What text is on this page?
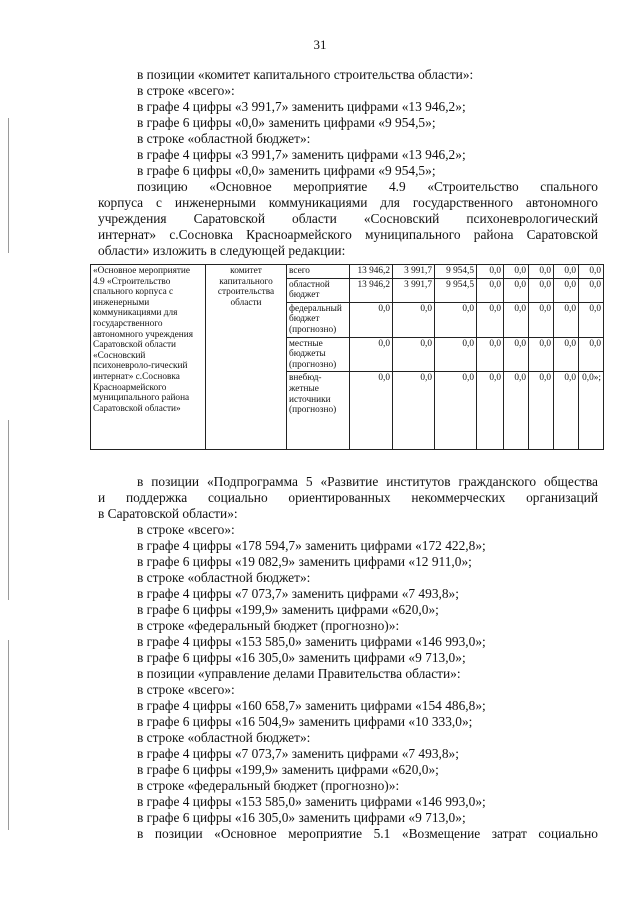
31
в позиции «комитет капитального строительства области»:
в строке «всего»:
в графе 4 цифры «3 991,7» заменить цифрами «13 946,2»;
в графе 6 цифры «0,0» заменить цифрами «9 954,5»;
в строке «областной бюджет»:
в графе 4 цифры «3 991,7» заменить цифрами «13 946,2»;
в графе 6 цифры «0,0» заменить цифрами «9 954,5»;
позицию «Основное мероприятие 4.9 «Строительство спального
корпуса с инженерными коммуникациями для государственного автономного
учреждения Саратовской области «Сосновский психоневрологический
интернат» с.Сосновка Красноармейского муниципального района Саратовской
области» изложить в следующей редакции:
«Основное мероприятие 4.9 «Строительство спального корпуса с инженерными коммуникациями для государственного автономного учреждения Саратовской области «Сосновский психоневроло-гический интернат» с.Сосновка Красноармейского муниципального района Саратовской области»	комитет капитального строительства области	всего	13 946,2	3 991,7	9 954,5	0,0	0,0	0,0	0,0	0,0
		областной бюджет	13 946,2	3 991,7	9 954,5	0,0	0,0	0,0	0,0	0,0
		федеральный бюджет (прогнозно)	0,0	0,0	0,0	0,0	0,0	0,0	0,0	0,0
		местные бюджеты (прогнозно)	0,0	0,0	0,0	0,0	0,0	0,0	0,0	0,0
		внебюд-жетные источники (прогнозно)	0,0	0,0	0,0	0,0	0,0	0,0	0,0	0,0»;
в позиции «Подпрограмма 5 «Развитие институтов гражданского общества
и поддержка социально ориентированных некоммерческих организаций
в Саратовской области»:
в строке «всего»:
в графе 4 цифры «178 594,7» заменить цифрами «172 422,8»;
в графе 6 цифры «19 082,9» заменить цифрами «12 911,0»;
в строке «областной бюджет»:
в графе 4 цифры «7 073,7» заменить цифрами «7 493,8»;
в графе 6 цифры «199,9» заменить цифрами «620,0»;
в строке «федеральный бюджет (прогнозно)»:
в графе 4 цифры «153 585,0» заменить цифрами «146 993,0»;
в графе 6 цифры «16 305,0» заменить цифрами «9 713,0»;
в позиции «управление делами Правительства области»:
в строке «всего»:
в графе 4 цифры «160 658,7» заменить цифрами «154 486,8»;
в графе 6 цифры «16 504,9» заменить цифрами «10 333,0»;
в строке «областной бюджет»:
в графе 4 цифры «7 073,7» заменить цифрами «7 493,8»;
в графе 6 цифры «199,9» заменить цифрами «620,0»;
в строке «федеральный бюджет (прогнозно)»:
в графе 4 цифры «153 585,0» заменить цифрами «146 993,0»;
в графе 6 цифры «16 305,0» заменить цифрами «9 713,0»;
в позиции «Основное мероприятие 5.1 «Возмещение затрат социально
